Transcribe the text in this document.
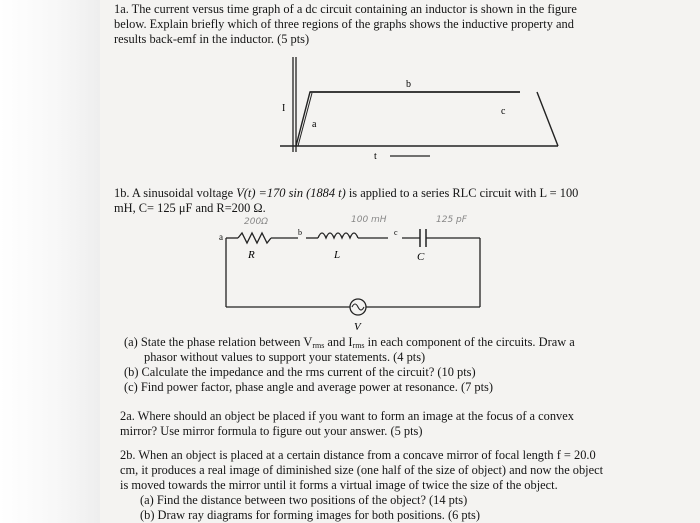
1a. The current versus time graph of a dc circuit containing an inductor is shown in the figure
below. Explain briefly which of three regions of the graphs shows the inductive property and
results back-emf in the inductor. (5 pts)
I
a
b
c
t
1b. A sinusoidal voltage V(t) =170 sin (1884 t) is applied to a series RLC circuit with L = 100
mH, C= 125 μF and R=200 Ω.
200Ω	100 mH	125 pF
a	b	c
R	L	C
V
(a) State the phase relation between $V_{rms}$ and $I_{rms}$ in each component of the circuits. Draw a
phasor without values to support your statements. (4 pts)
(b) Calculate the impedance and the rms current of the circuit? (10 pts)
(c) Find power factor, phase angle and average power at resonance. (7 pts)
2a. Where should an object be placed if you want to form an image at the focus of a convex
mirror? Use mirror formula to figure out your answer. (5 pts)
2b. When an object is placed at a certain distance from a concave mirror of focal length f = 20.0
cm, it produces a real image of diminished size (one half of the size of object) and now the object
is moved towards the mirror until it forms a virtual image of twice the size of the object.
(a) Find the distance between two positions of the object? (14 pts)
(b) Draw ray diagrams for forming images for both positions. (6 pts)
